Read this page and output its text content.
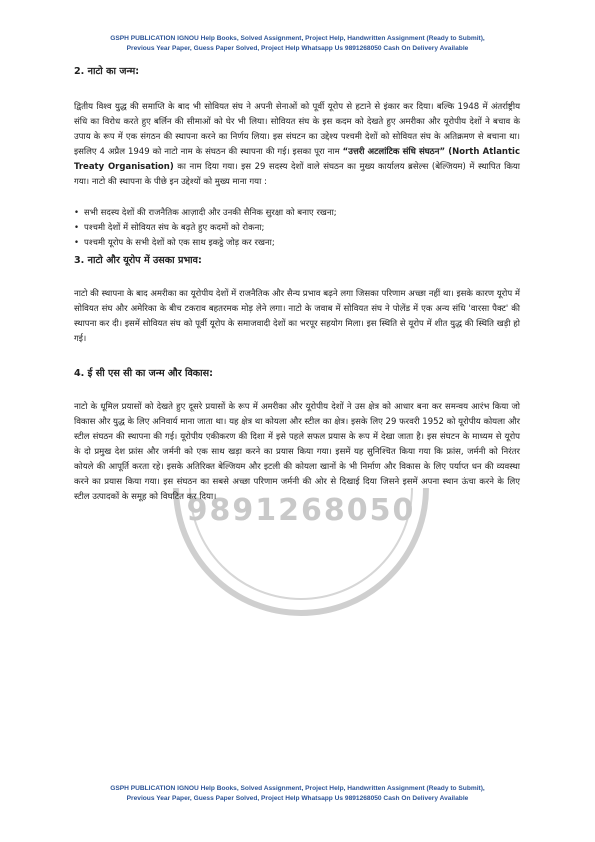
GSPH PUBLICATION IGNOU Help Books, Solved Assignment, Project Help, Handwritten Assignment (Ready to Submit),
Previous Year Paper, Guess Paper Solved, Project Help Whatsapp Us 9891268050 Cash On Delivery Available
9891268050
2. नाटो का जन्म:

द्वितीय विश्व युद्ध की समाप्ति के बाद भी सोवियत संघ ने अपनी सेनाओं को पूर्वी यूरोप से हटाने से इंकार कर दिया। बल्कि 1948 में अंतर्राष्ट्रीय संधि का विरोध करते हुए बर्लिन की सीमाओं को घेर भी लिया। सोवियत संघ के इस कदम को देखते हुए अमरीका और यूरोपीय देशों ने बचाव के उपाय के रूप में एक संगठन की स्थापना करने का निर्णय लिया। इस संघटन का उद्देश्य पश्चमी देशों को सोवियत संघ के अतिक्रमण से बचाना था। इसलिए 4 अप्रैल 1949 को नाटो नाम के संघठन की स्थापना की गई। इसका पूरा नाम “उत्तरी अटलांटिक संधि संघठन” (North Atlantic Treaty Organisation) का नाम दिया गया। इस 29 सदस्य देशों वाले संघठन का मुख्य कार्यालय ब्रसेल्स (बेल्जियम) में स्थापित किया गया। नाटो की स्थापना के पीछे इन उद्देश्यों को मुख्य माना गया :

• सभी सदस्य देशों की राजनैतिक आज़ादी और उनकी सैनिक सुरक्षा को बनाए रखना;
• पश्चमी देशों में सोवियत संघ के बढ़ते हुए कदमों को रोकना;
• पश्चमी यूरोप के सभी देशों को एक साथ इकट्ठे जोड़ कर रखना;
3. नाटो और यूरोप में उसका प्रभाव:

नाटो की स्थापना के बाद अमरीका का यूरोपीय देशों में राजनैतिक और सैन्य प्रभाव बढ़ने लगा जिसका परिणाम अच्छा नहीं था। इसके कारण यूरोप में सोवियत संघ और अमेरिका के बीच टकराव बहतरमक मोड़ लेने लगा। नाटो के जवाब में सोवियत संघ ने पोलेंड में एक अन्य संधि 'वारसा पैक्ट' की स्थापना कर दी। इसमें सोवियत संघ को पूर्वी यूरोप के समाजवादी देशों का भरपूर सहयोग मिला। इस स्थिति से यूरोप में शीत युद्ध की स्थिति खड़ी हो गई।

4. ई सी एस सी का जन्म और विकास:

नाटो के धूमिल प्रयासों को देखते हुए दूसरे प्रयासों के रूप में अमरीका और यूरोपीय देशों ने उस क्षेत्र को आधार बना कर समन्वय आरंभ किया जो विकास और युद्ध के लिए अनिवार्य माना जाता था। यह क्षेत्र था कोयला और स्टील का क्षेत्र। इसके लिए 29 फरवरी 1952 को यूरोपीय कोयला और स्टील संघठन की स्थापना की गई। यूरोपीय एकीकरण की दिशा में इसे पहले सफल प्रयास के रूप में देखा जाता है। इस संघटन के माध्यम से यूरोप के दो प्रमुख देश फ्रांस और जर्मनी को एक साथ खड़ा करने का प्रयास किया गया। इसमें यह सुनिश्चित किया गया कि फ्रांस, जर्मनी को निरंतर कोयले की आपूर्ति करता रहे। इसके अतिरिक्त बेल्जियम और इटली की कोयला खानों के भी निर्माण और विकास के लिए पर्याप्त धन की व्यवस्था करने का प्रयास किया गया। इस संघठन का सबसे अच्छा परिणाम जर्मनी की ओर से दिखाई दिया जिसने इसमें अपना स्थान ऊंचा करने के लिए स्टील उत्पादकों के समूह को विघटित कर दिया।

GSPH PUBLICATION IGNOU Help Books, Solved Assignment, Project Help, Handwritten Assignment (Ready to Submit),
Previous Year Paper, Guess Paper Solved, Project Help Whatsapp Us 9891268050 Cash On Delivery Available
